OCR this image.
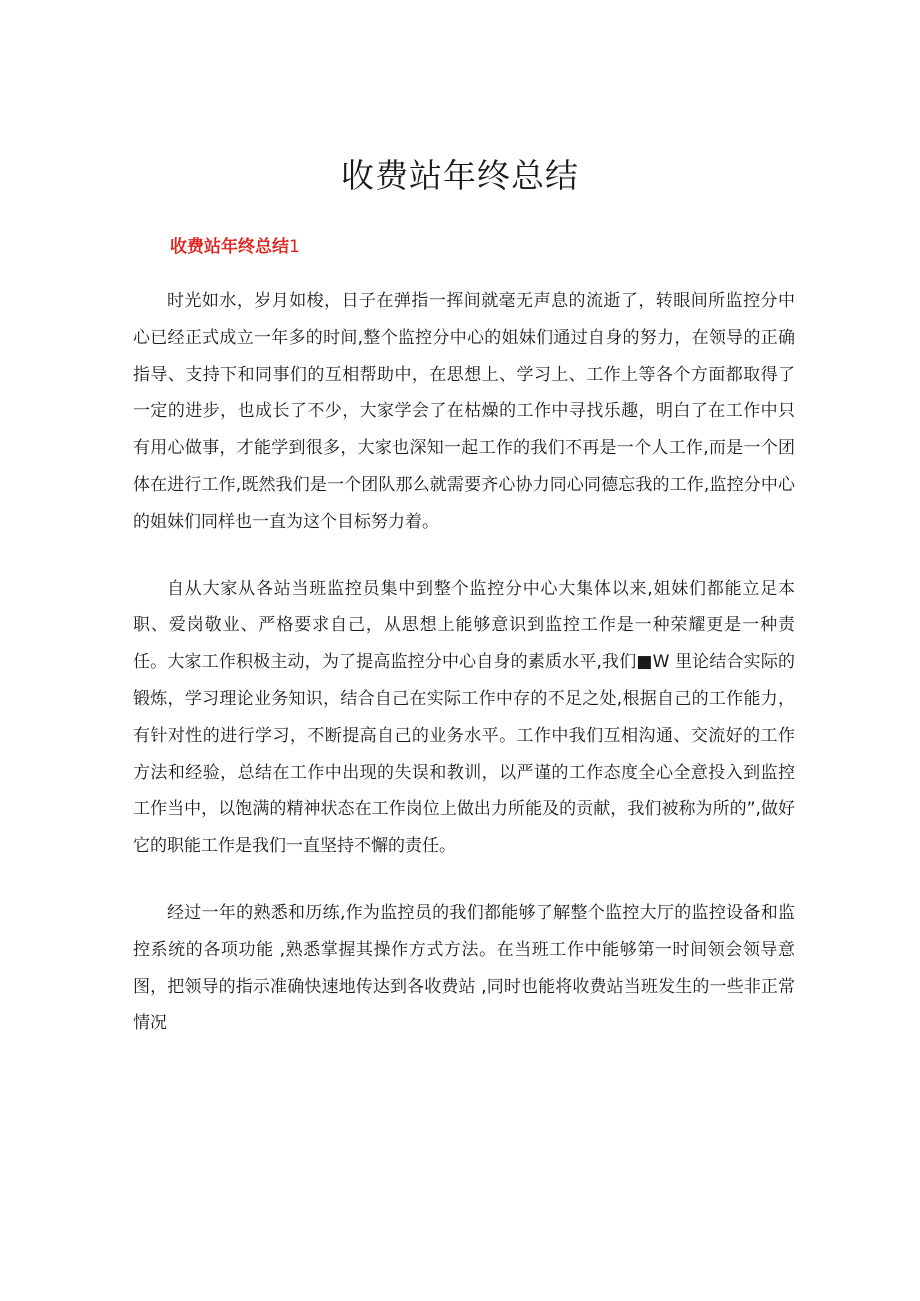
收费站年终总结
收费站年终总结1

时光如水，岁月如梭，日子在弹指一挥间就毫无声息的流逝了，转眼间所监控分中心已经正式成立一年多的时间,整个监控分中心的姐妹们通过自身的努力，在领导的正确指导、支持下和同事们的互相帮助中，在思想上、学习上、工作上等各个方面都取得了一定的进步，也成长了不少，大家学会了在枯燥的工作中寻找乐趣，明白了在工作中只有用心做事，才能学到很多，大家也深知一起工作的我们不再是一个人工作,而是一个团体在进行工作,既然我们是一个团队那么就需要齐心协力同心同德忘我的工作,监控分中心的姐妹们同样也一直为这个目标努力着。

自从大家从各站当班监控员集中到整个监控分中心大集体以来,姐妹们都能立足本职、爱岗敬业、严格要求自己，从思想上能够意识到监控工作是一种荣耀更是一种责任。大家工作积极主动，为了提高监控分中心自身的素质水平,我们■W 里论结合实际的锻炼，学习理论业务知识，结合自己在实际工作中存的不足之处,根据自己的工作能力，有针对性的进行学习，不断提高自己的业务水平。工作中我们互相沟通、交流好的工作方法和经验，总结在工作中出现的失误和教训，以严谨的工作态度全心全意投入到监控工作当中，以饱满的精神状态在工作岗位上做出力所能及的贡献，我们被称为所的”,做好它的职能工作是我们一直坚持不懈的责任。

经过一年的熟悉和历练,作为监控员的我们都能够了解整个监控大厅的监控设备和监控系统的各项功能 ,熟悉掌握其操作方式方法。在当班工作中能够第一时间领会领导意图，把领导的指示准确快速地传达到各收费站 ,同时也能将收费站当班发生的一些非正常情况
